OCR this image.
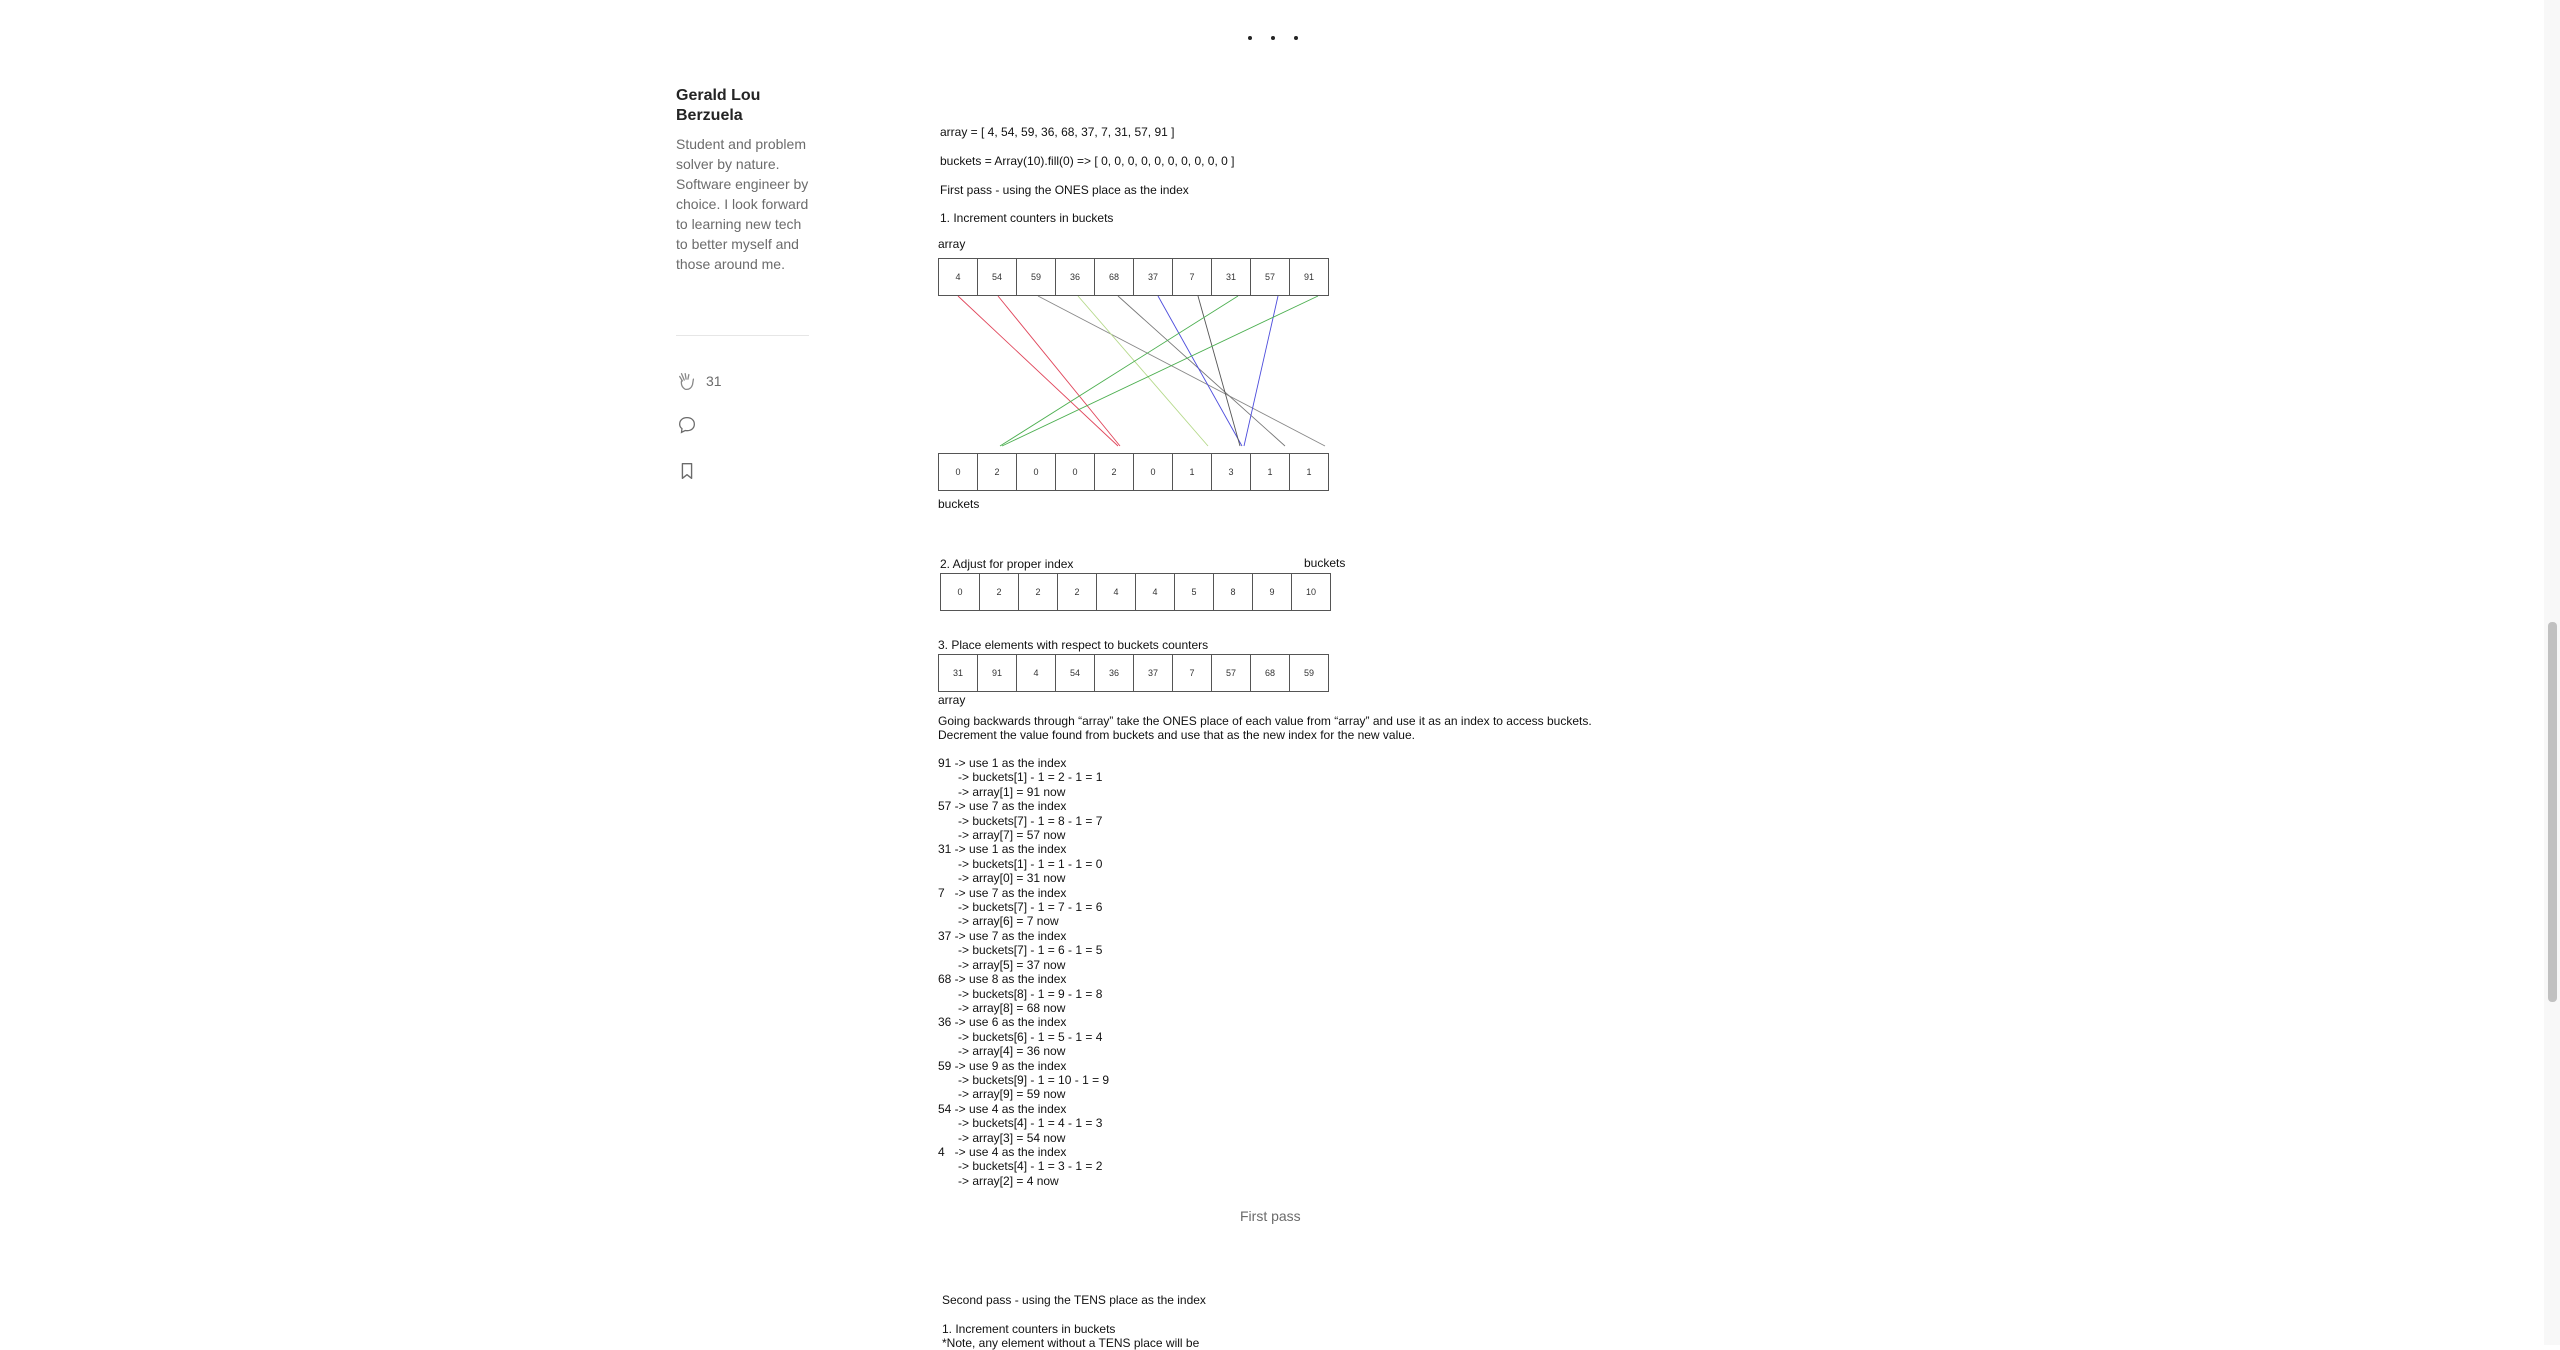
Gerald Lou Berzuela
Student and problem solver by nature. Software engineer by choice. I look forward to learning new tech to better myself and those around me.
31
array = [ 4, 54, 59, 36, 68, 37, 7, 31, 57, 91 ]
buckets = Array(10).fill(0) => [ 0, 0, 0, 0, 0, 0, 0, 0, 0, 0 ]
First pass - using the ONES place as the index
1. Increment counters in buckets
array
4	54	59	36	68	37	7	31	57	91
0	2	0	0	2	0	1	3	1	1
buckets
2. Adjust for proper index	buckets
0	2	2	2	4	4	5	8	9	10
3. Place elements with respect to buckets counters
31	91	4	54	36	37	7	57	68	59
array
Going backwards through “array” take the ONES place of each value from “array” and use it as an index to access buckets.
Decrement the value found from buckets and use that as the new index for the new value.
91 -> use 1 as the index
-> buckets[1] - 1 = 2 - 1 = 1
-> array[1] = 91 now
57 -> use 7 as the index
-> buckets[7] - 1 = 8 - 1 = 7
-> array[7] = 57 now
31 -> use 1 as the index
-> buckets[1] - 1 = 1 - 1 = 0
-> array[0] = 31 now
7   -> use 7 as the index
-> buckets[7] - 1 = 7 - 1 = 6
-> array[6] = 7 now
37 -> use 7 as the index
-> buckets[7] - 1 = 6 - 1 = 5
-> array[5] = 37 now
68 -> use 8 as the index
-> buckets[8] - 1 = 9 - 1 = 8
-> array[8] = 68 now
36 -> use 6 as the index
-> buckets[6] - 1 = 5 - 1 = 4
-> array[4] = 36 now
59 -> use 9 as the index
-> buckets[9] - 1 = 10 - 1 = 9
-> array[9] = 59 now
54 -> use 4 as the index
-> buckets[4] - 1 = 4 - 1 = 3
-> array[3] = 54 now
4   -> use 4 as the index
-> buckets[4] - 1 = 3 - 1 = 2
-> array[2] = 4 now
First pass
Second pass - using the TENS place as the index
1. Increment counters in buckets
*Note, any element without a TENS place will be
